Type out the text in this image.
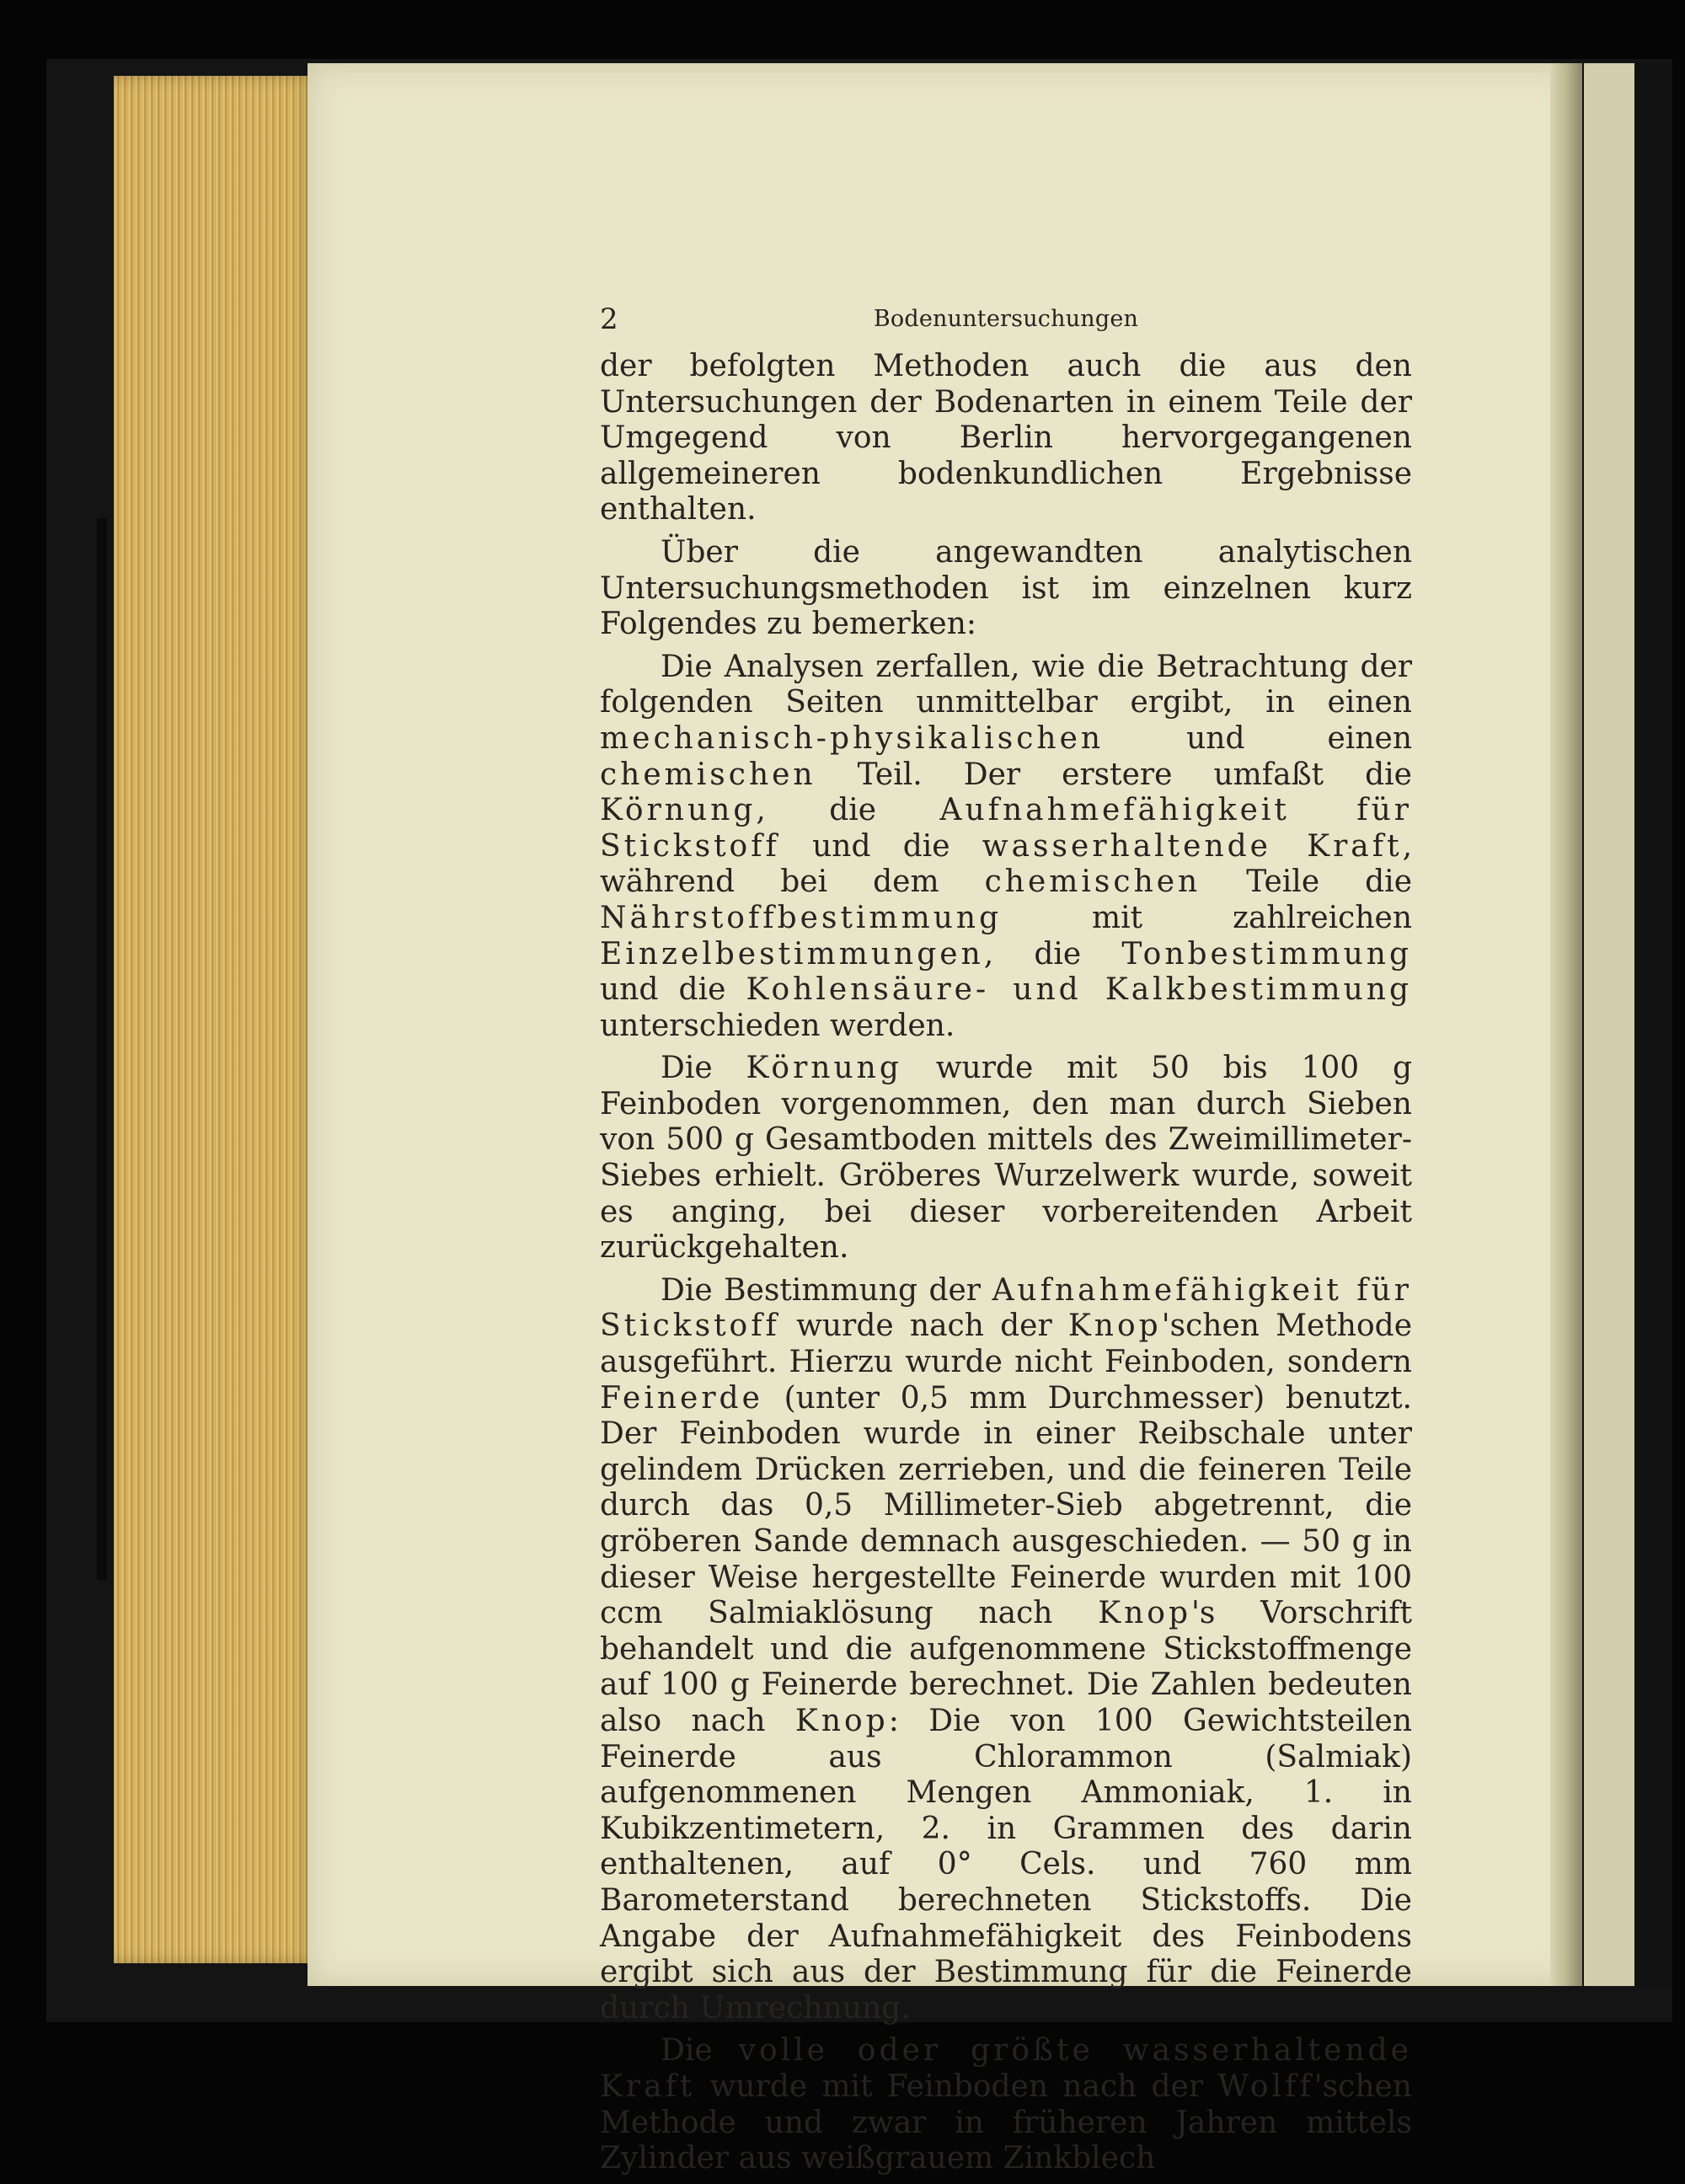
2	Bodenuntersuchungen

der befolgten Methoden auch die aus den Untersuchungen der Bodenarten in einem Teile der Umgegend von Berlin hervorgegangenen allgemeineren bodenkundlichen Ergebnisse enthalten.

Über die angewandten analytischen Untersuchungsmethoden ist im einzelnen kurz Folgendes zu bemerken:

Die Analysen zerfallen, wie die Betrachtung der folgenden Seiten unmittelbar ergibt, in einen mechanisch-physikalischen und einen chemischen Teil. Der erstere umfaßt die Körnung, die Aufnahmefähigkeit für Stickstoff und die wasserhaltende Kraft, während bei dem chemischen Teile die Nährstoffbestimmung mit zahlreichen Einzelbestimmungen, die Tonbestimmung und die Kohlensäure- und Kalkbestimmung unterschieden werden.

Die Körnung wurde mit 50 bis 100 g Feinboden vorgenommen, den man durch Sieben von 500 g Gesamtboden mittels des Zweimillimeter-Siebes erhielt. Gröberes Wurzelwerk wurde, soweit es anging, bei dieser vorbereitenden Arbeit zurückgehalten.

Die Bestimmung der Aufnahmefähigkeit für Stickstoff wurde nach der Knop'schen Methode ausgeführt. Hierzu wurde nicht Feinboden, sondern Feinerde (unter 0,5 mm Durchmesser) benutzt. Der Feinboden wurde in einer Reibschale unter gelindem Drücken zerrieben, und die feineren Teile durch das 0,5 Millimeter-Sieb abgetrennt, die gröberen Sande demnach ausgeschieden. — 50 g in dieser Weise hergestellte Feinerde wurden mit 100 ccm Salmiaklösung nach Knop's Vorschrift behandelt und die aufgenommene Stickstoffmenge auf 100 g Feinerde berechnet. Die Zahlen bedeuten also nach Knop: Die von 100 Gewichtsteilen Feinerde aus Chlorammon (Salmiak) aufgenommenen Mengen Ammoniak, 1. in Kubikzentimetern, 2. in Grammen des darin enthaltenen, auf 0° Cels. und 760 mm Barometerstand berechneten Stickstoffs. Die Angabe der Aufnahmefähigkeit des Feinbodens ergibt sich aus der Bestimmung für die Feinerde durch Umrechnung.

Die volle oder größte wasserhaltende Kraft wurde mit Feinboden nach der Wolff'schen Methode und zwar in früheren Jahren mittels Zylinder aus weißgrauem Zinkblech
